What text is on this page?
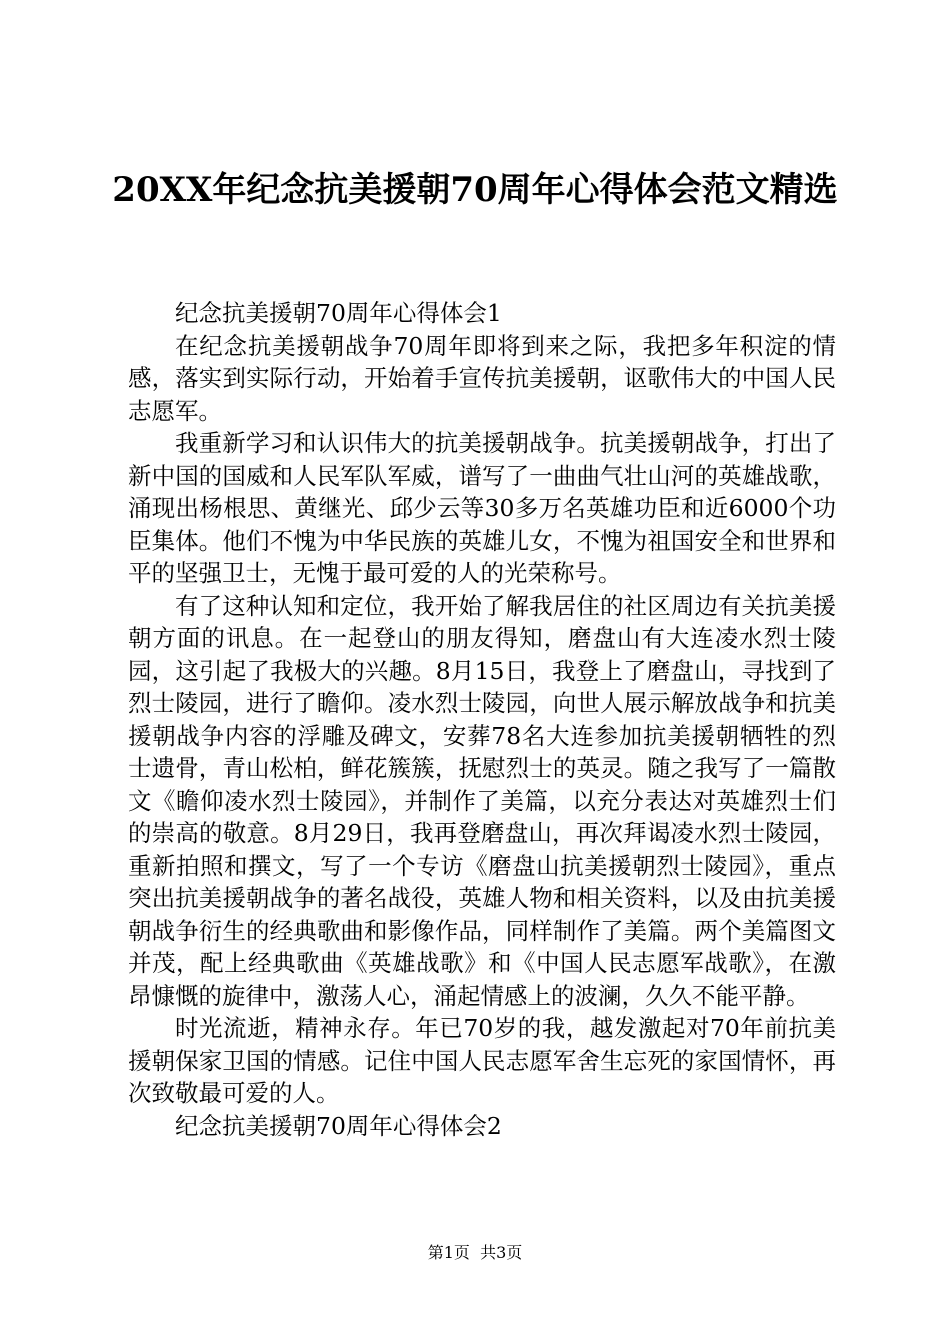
20XX年纪念抗美援朝70周年心得体会范文精选

纪念抗美援朝70周年心得体会1

在纪念抗美援朝战争70周年即将到来之际，我把多年积淀的情感，落实到实际行动，开始着手宣传抗美援朝，讴歌伟大的中国人民志愿军。

我重新学习和认识伟大的抗美援朝战争。抗美援朝战争，打出了新中国的国威和人民军队军威，谱写了一曲曲气壮山河的英雄战歌，涌现出杨根思、黄继光、邱少云等30多万名英雄功臣和近6000个功臣集体。他们不愧为中华民族的英雄儿女，不愧为祖国安全和世界和平的坚强卫士，无愧于最可爱的人的光荣称号。

有了这种认知和定位，我开始了解我居住的社区周边有关抗美援朝方面的讯息。在一起登山的朋友得知，磨盘山有大连凌水烈士陵园，这引起了我极大的兴趣。8月15日，我登上了磨盘山，寻找到了烈士陵园，进行了瞻仰。凌水烈士陵园，向世人展示解放战争和抗美援朝战争内容的浮雕及碑文，安葬78名大连参加抗美援朝牺牲的烈士遗骨，青山松柏，鲜花簇簇，抚慰烈士的英灵。随之我写了一篇散文《瞻仰凌水烈士陵园》，并制作了美篇，以充分表达对英雄烈士们的崇高的敬意。8月29日，我再登磨盘山，再次拜谒凌水烈士陵园，重新拍照和撰文，写了一个专访《磨盘山抗美援朝烈士陵园》，重点突出抗美援朝战争的著名战役，英雄人物和相关资料，以及由抗美援朝战争衍生的经典歌曲和影像作品，同样制作了美篇。两个美篇图文并茂，配上经典歌曲《英雄战歌》和《中国人民志愿军战歌》，在激昂慷慨的旋律中，激荡人心，涌起情感上的波澜，久久不能平静。

时光流逝，精神永存。年已70岁的我，越发激起对70年前抗美援朝保家卫国的情感。记住中国人民志愿军舍生忘死的家国情怀，再次致敬最可爱的人。

纪念抗美援朝70周年心得体会2

第1页  共3页
